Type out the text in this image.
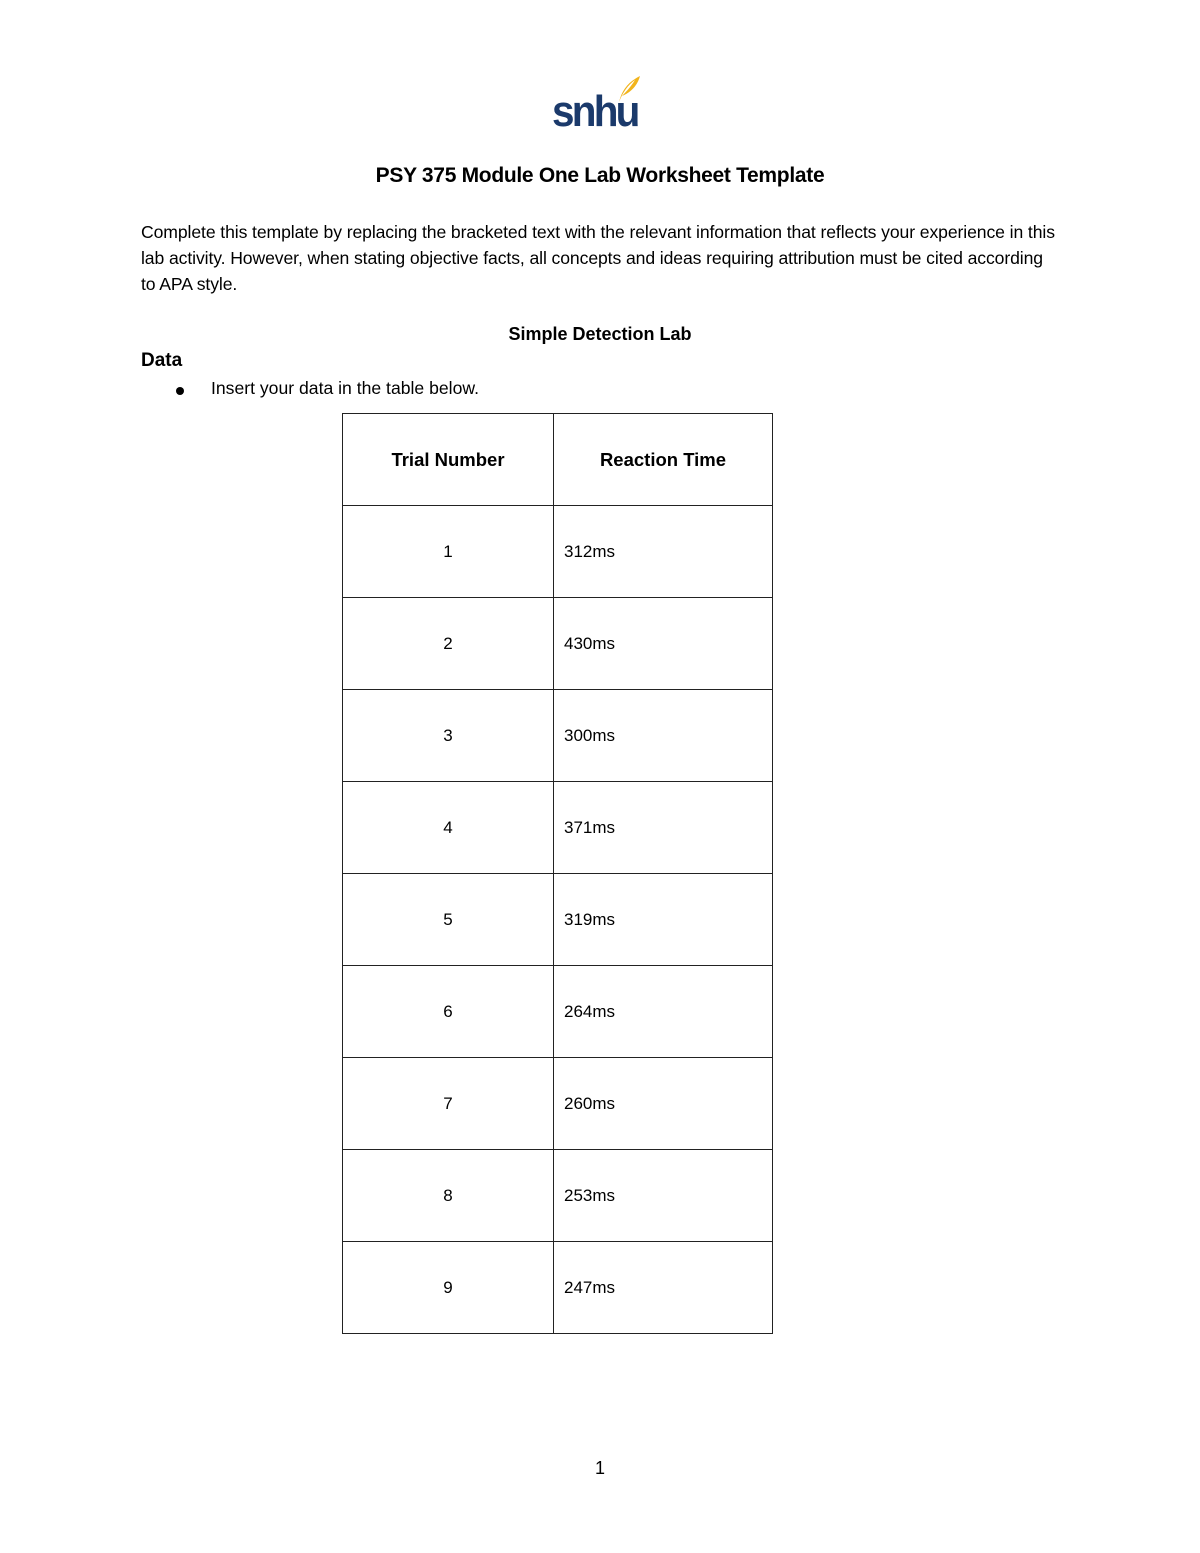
snhu
PSY 375 Module One Lab Worksheet Template
Complete this template by replacing the bracketed text with the relevant information that reflects your experience in this lab activity. However, when stating objective facts, all concepts and ideas requiring attribution must be cited according to APA style.
Simple Detection Lab
Data
Insert your data in the table below.
Trial Number	Reaction Time
1	312ms
2	430ms
3	300ms
4	371ms
5	319ms
6	264ms
7	260ms
8	253ms
9	247ms
1
